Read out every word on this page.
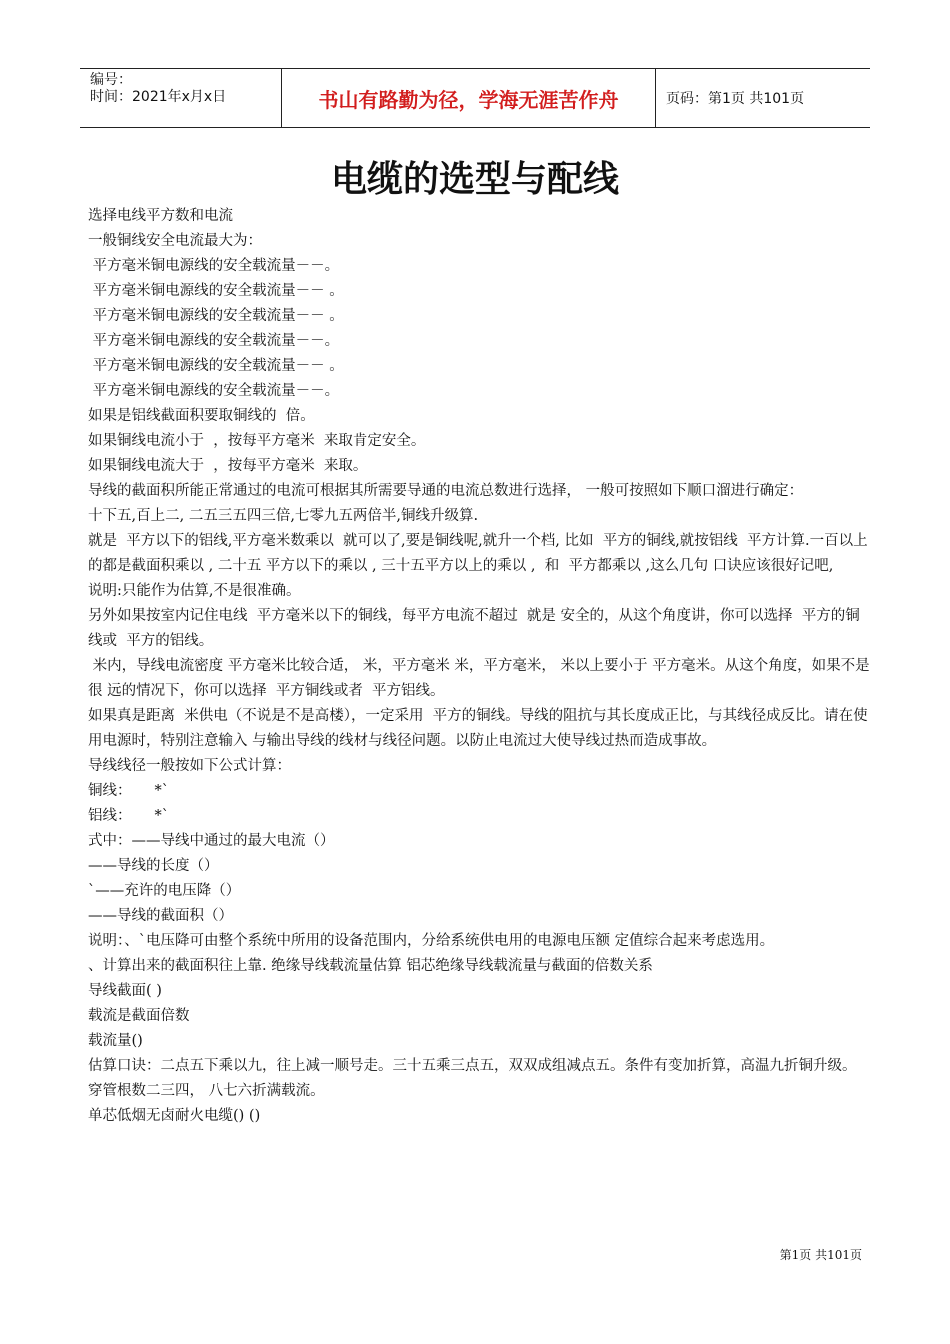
编号：
时间：2021年x月x日	书山有路勤为径，学海无涯苦作舟	页码：第1页 共101页
电缆的选型与配线

选择电线平方数和电流

一般铜线安全电流最大为：

平方毫米铜电源线的安全载流量－－。

平方毫米铜电源线的安全载流量－－ 。

平方毫米铜电源线的安全载流量－－ 。

平方毫米铜电源线的安全载流量－－。

平方毫米铜电源线的安全载流量－－ 。

平方毫米铜电源线的安全载流量－－。

如果是铝线截面积要取铜线的  倍。

如果铜线电流小于  ，按每平方毫米  来取肯定安全。

如果铜线电流大于  ，按每平方毫米  来取。

导线的截面积所能正常通过的电流可根据其所需要导通的电流总数进行选择， 一般可按照如下顺口溜进行确定：

十下五,百上二, 二五三五四三倍,七零九五两倍半,铜线升级算.

就是  平方以下的铝线,平方毫米数乘以  就可以了,要是铜线呢,就升一个档, 比如  平方的铜线,就按铝线  平方计算.一百以上的都是截面积乘以 , 二十五 平方以下的乘以 , 三十五平方以上的乘以 ,  和  平方都乘以 ,这么几句 口诀应该很好记吧,

说明:只能作为估算,不是很准确。

另外如果按室内记住电线  平方毫米以下的铜线，每平方电流不超过  就是 安全的，从这个角度讲，你可以选择  平方的铜线或  平方的铝线。

米内，导线电流密度 平方毫米比较合适， 米，平方毫米 米，平方毫米， 米以上要小于 平方毫米。从这个角度，如果不是很 远的情况下，你可以选择  平方铜线或者  平方铝线。

如果真是距离  米供电（不说是不是高楼），一定采用  平方的铜线。导线的阻抗与其长度成正比，与其线径成反比。请在使用电源时，特别注意输入 与输出导线的线材与线径问题。以防止电流过大使导线过热而造成事故。

导线线径一般按如下公式计算：

铜线：     *`

铝线：     *`

式中：——导线中通过的最大电流（）

——导线的长度（）

`——充许的电压降（）

——导线的截面积（）

说明：、`电压降可由整个系统中所用的设备范围内，分给系统供电用的电源电压额 定值综合起来考虑选用。

、计算出来的截面积往上靠. 绝缘导线载流量估算 铝芯绝缘导线载流量与截面的倍数关系

导线截面( )

载流是截面倍数

载流量()

估算口诀：二点五下乘以九，往上减一顺号走。三十五乘三点五，双双成组减点五。条件有变加折算，高温九折铜升级。 穿管根数二三四， 八七六折满载流。

单芯低烟无卤耐火电缆() ()

第1页 共101页
